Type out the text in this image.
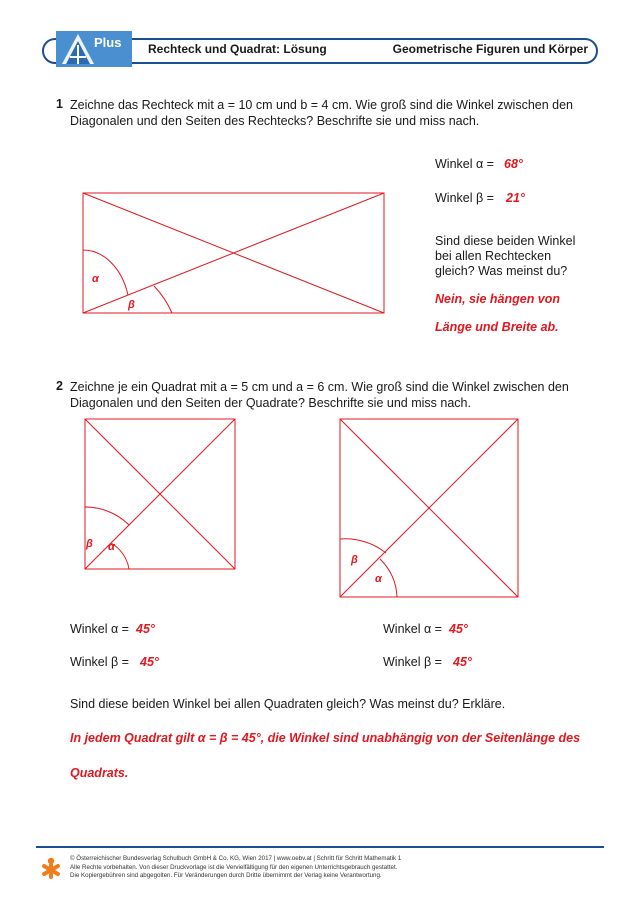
Plus Rechteck und Quadrat: Lösung	Geometrische Figuren und Körper
1 Zeichne das Rechteck mit a = 10 cm und b = 4 cm. Wie groß sind die Winkel zwischen den
Diagonalen und den Seiten des Rechtecks? Beschrifte sie und miss nach.
α
β
Winkel α = 68°
Winkel β = 21°
Sind diese beiden Winkel
bei allen Rechtecken
gleich? Was meinst du?
Nein, sie hängen von
Länge und Breite ab.
2 Zeichne je ein Quadrat mit a = 5 cm und a = 6 cm. Wie groß sind die Winkel zwischen den
Diagonalen und den Seiten der Quadrate? Beschrifte sie und miss nach.
β α
β
α
Winkel α = 45°
Winkel β = 45°
Winkel α = 45°
Winkel β = 45°
Sind diese beiden Winkel bei allen Quadraten gleich? Was meinst du? Erkläre.
In jedem Quadrat gilt α = β = 45°, die Winkel sind unabhängig von der Seitenlänge des
Quadrats.
© Österreichischer Bundesverlag Schulbuch GmbH & Co. KG, Wien 2017 | www.oebv.at | Schritt für Schritt Mathematik 1
Alle Rechte vorbehalten. Von dieser Druckvorlage ist die Vervielfältigung für den eigenen Unterrichtsgebrauch gestattet.
Die Kopiergebühren sind abgegolten. Für Veränderungen durch Dritte übernimmt der Verlag keine Verantwortung.
